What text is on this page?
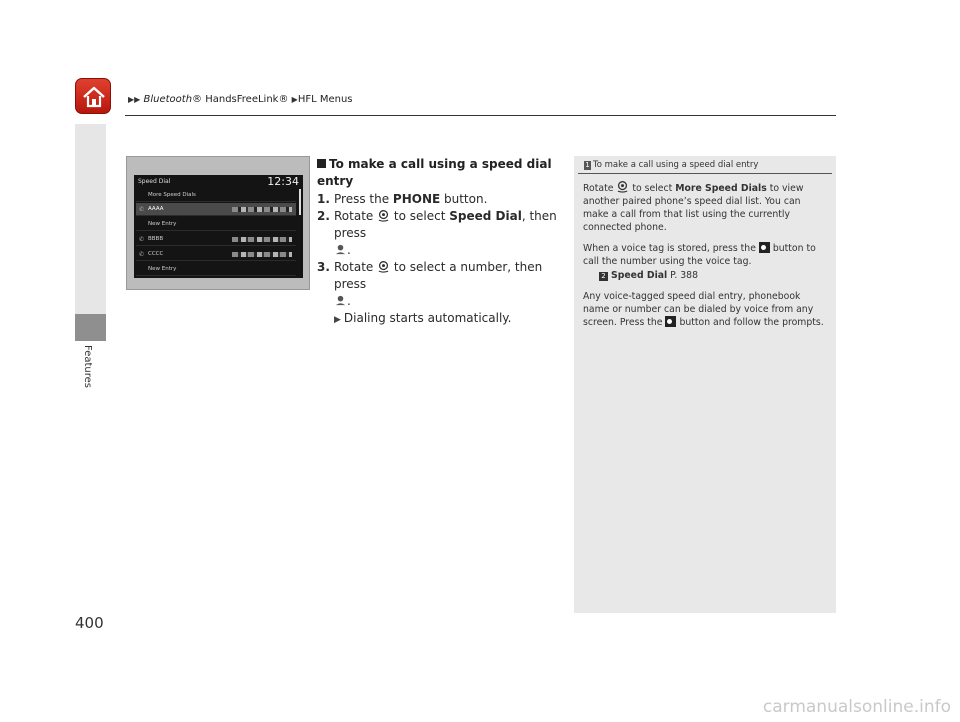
▶▶ Bluetooth® HandsFreeLink® ▶HFL Menus
Features
Speed Dial	12:34
More Speed Dials
✆ AAAA
New Entry
✆ BBBB
✆ CCCC
New Entry
To make a call using a speed dial entry
1. Press the PHONE button.
2. Rotate  to select Speed Dial, then press
.
3. Rotate  to select a number, then press
.
▶ Dialing starts automatically.
1 To make a call using a speed dial entry

Rotate  to select More Speed Dials to view another paired phone’s speed dial list. You can make a call from that list using the currently connected phone.

When a voice tag is stored, press the  button to call the number using the voice tag.
2 Speed Dial P. 388

Any voice-tagged speed dial entry, phonebook name or number can be dialed by voice from any screen. Press the  button and follow the prompts.

400
carmanualsonline.info
